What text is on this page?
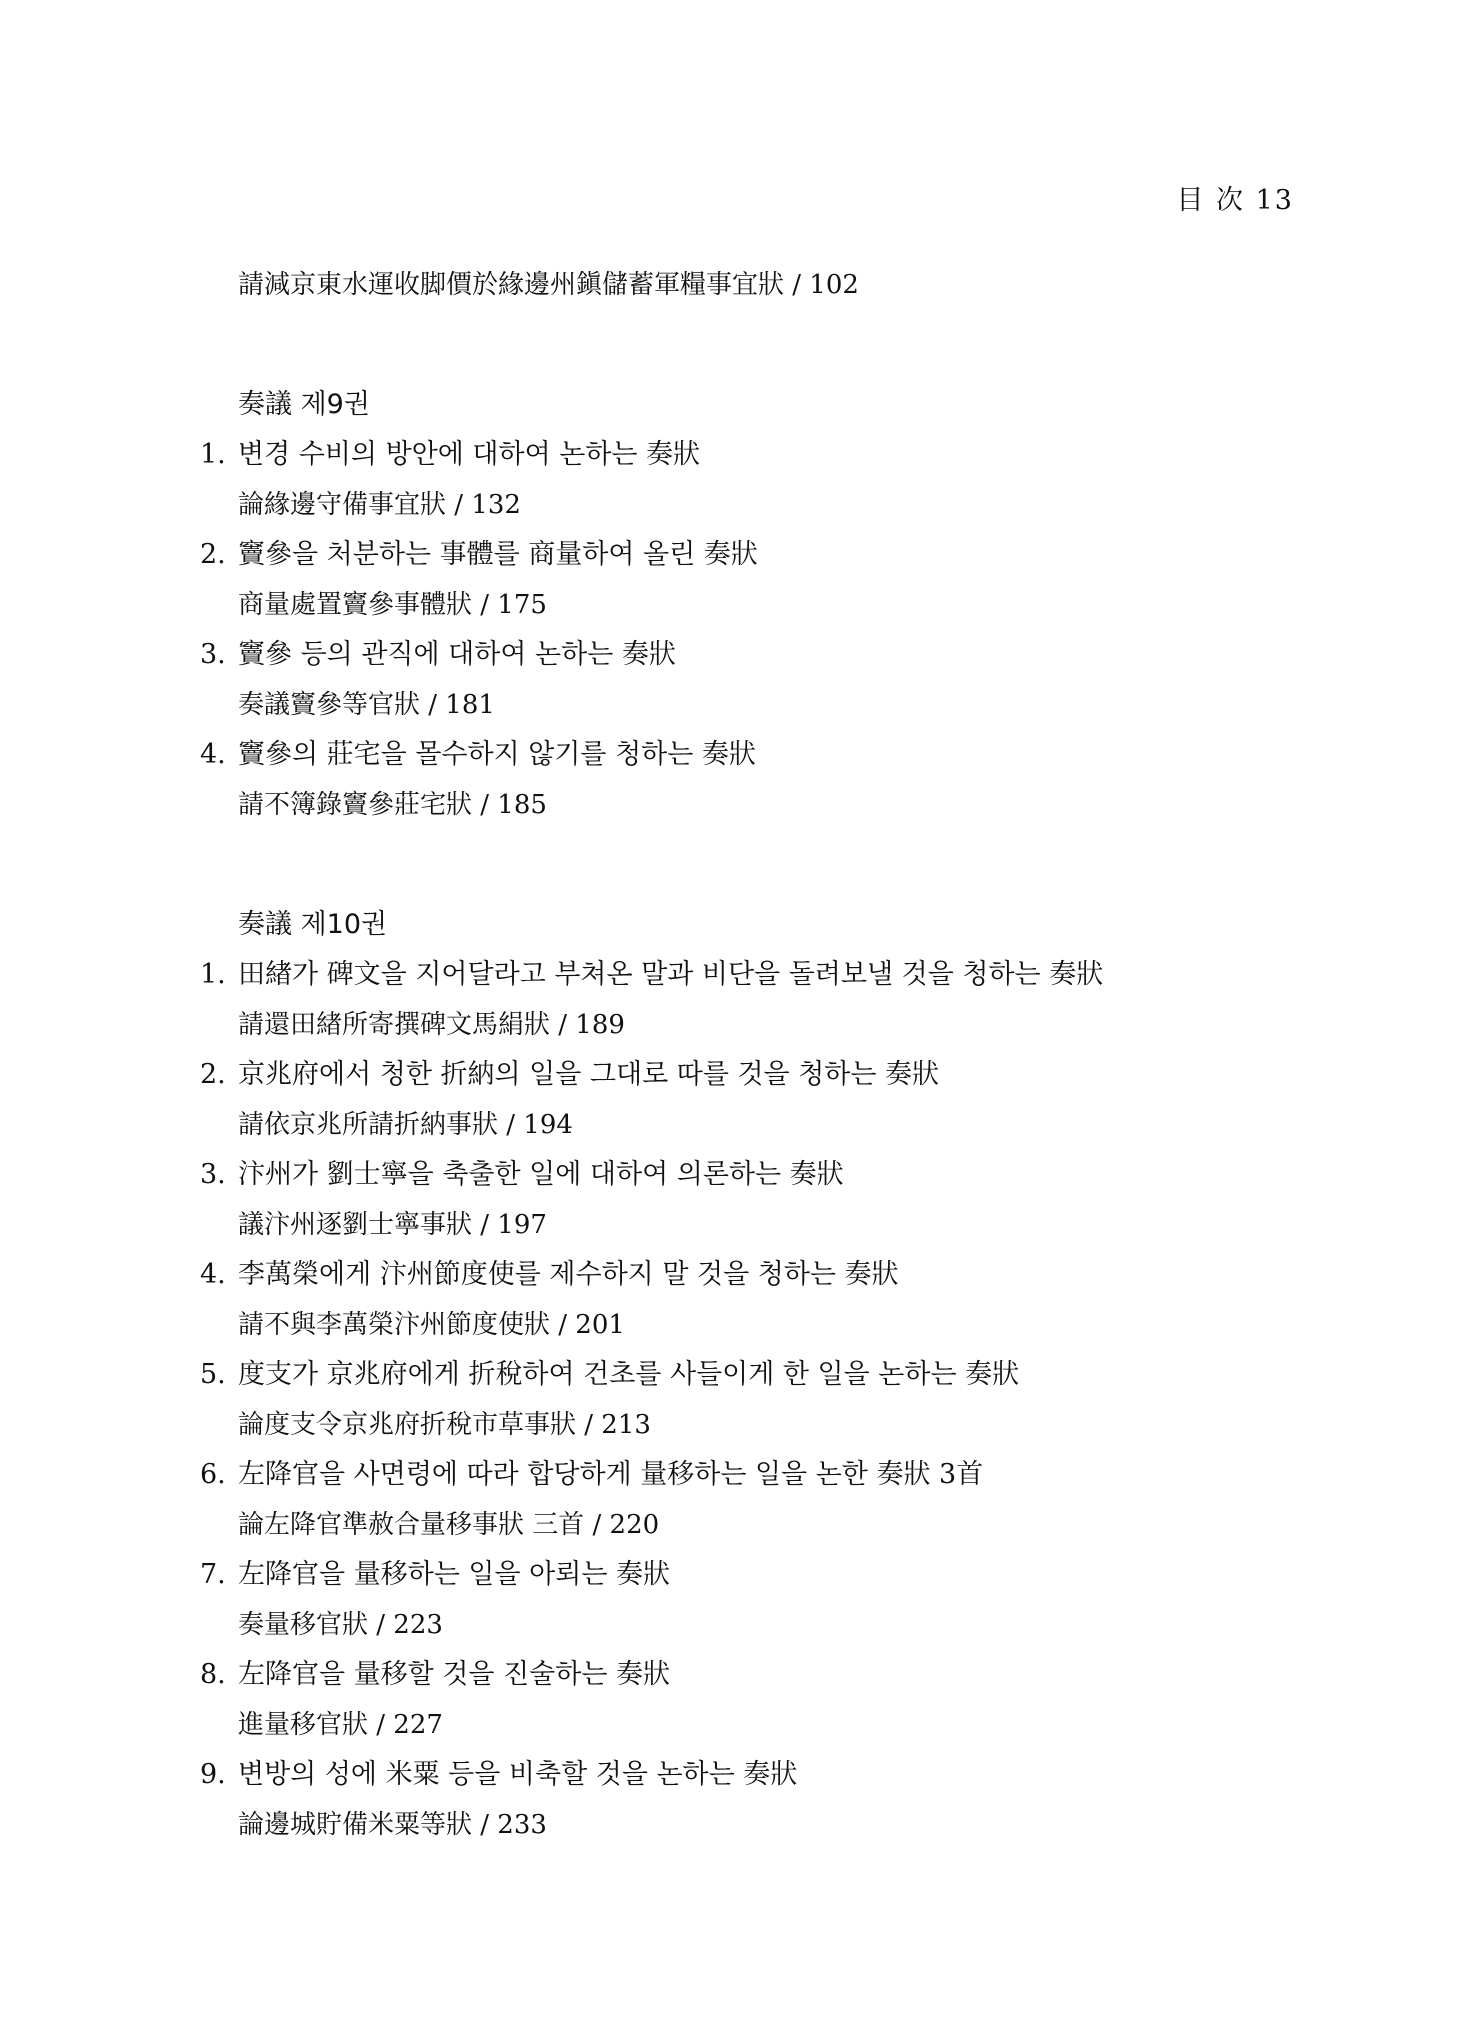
目 次 13
請減京東水運收脚價於緣邊州鎭儲蓄軍糧事宜狀 / 102
奏議 제9권
1. 변경 수비의 방안에 대하여 논하는 奏狀
論緣邊守備事宜狀 / 132
2. 竇參을 처분하는 事體를 商量하여 올린 奏狀
商量處置竇參事體狀 / 175
3. 竇參 등의 관직에 대하여 논하는 奏狀
奏議竇參等官狀 / 181
4. 竇參의 莊宅을 몰수하지 않기를 청하는 奏狀
請不簿錄竇參莊宅狀 / 185
奏議 제10권
1. 田緖가 碑文을 지어달라고 부쳐온 말과 비단을 돌려보낼 것을 청하는 奏狀
請還田緖所寄撰碑文馬絹狀 / 189
2. 京兆府에서 청한 折納의 일을 그대로 따를 것을 청하는 奏狀
請依京兆所請折納事狀 / 194
3. 汴州가 劉士寧을 축출한 일에 대하여 의론하는 奏狀
議汴州逐劉士寧事狀 / 197
4. 李萬榮에게 汴州節度使를 제수하지 말 것을 청하는 奏狀
請不與李萬榮汴州節度使狀 / 201
5. 度支가 京兆府에게 折稅하여 건초를 사들이게 한 일을 논하는 奏狀
論度支令京兆府折稅市草事狀 / 213
6. 左降官을 사면령에 따라 합당하게 量移하는 일을 논한 奏狀 3首
論左降官準赦合量移事狀 三首 / 220
7. 左降官을 量移하는 일을 아뢰는 奏狀
奏量移官狀 / 223
8. 左降官을 量移할 것을 진술하는 奏狀
進量移官狀 / 227
9. 변방의 성에 米粟 등을 비축할 것을 논하는 奏狀
論邊城貯備米粟等狀 / 233
